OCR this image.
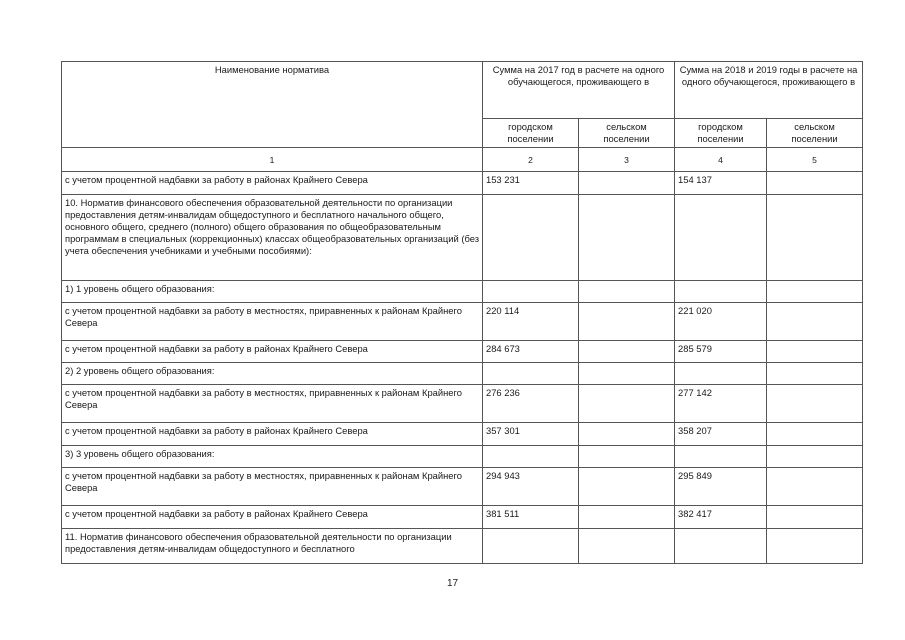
Наименование норматива	Сумма на 2017 год в расчете на одного обучающегося, проживающего в		Сумма на 2018 и 2019 годы в расчете на одного обучающегося, проживающего в	
	городском поселении	сельском поселении	городском поселении	сельском поселении
1	2	3	4	5
с учетом процентной надбавки за работу в районах Крайнего Севера	153 231		154 137	
10. Норматив финансового обеспечения образовательной деятельности по организации предоставления детям-инвалидам общедоступного и бесплатного начального общего, основного общего, среднего (полного) общего образования по общеобразовательным программам в специальных (коррекционных) классах общеобразовательных организаций (без учета обеспечения учебниками и учебными пособиями):				
1) 1 уровень общего образования:				
с учетом процентной надбавки за работу в местностях, приравненных к районам Крайнего Севера	220 114		221 020	
с учетом процентной надбавки за работу в районах Крайнего Севера	284 673		285 579	
2) 2 уровень общего образования:				
с учетом процентной надбавки за работу в местностях, приравненных к районам Крайнего Севера	276 236		277 142	
с учетом процентной надбавки за работу в районах Крайнего Севера	357 301		358 207	
3) 3 уровень общего образования:				
с учетом процентной надбавки за работу в местностях, приравненных к районам Крайнего Севера	294 943		295 849	
с учетом процентной надбавки за работу в районах Крайнего Севера	381 511		382 417	
11. Норматив финансового обеспечения образовательной деятельности по организации предоставления детям-инвалидам общедоступного и бесплатного				
17
